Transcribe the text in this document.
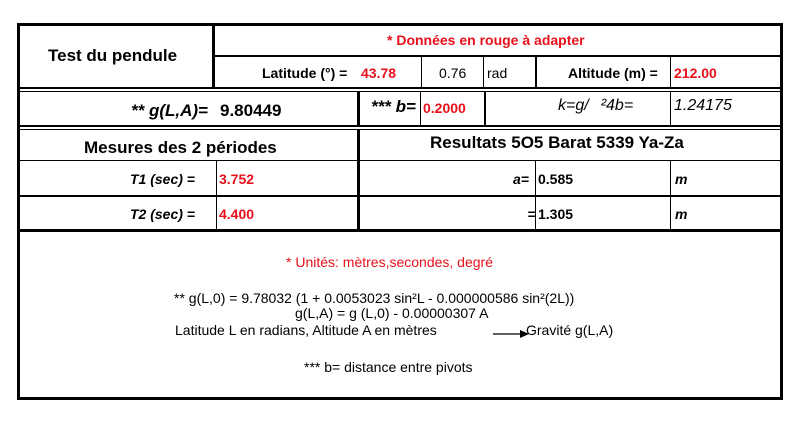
Test du pendule
* Données en rouge à adapter
Latitude (°) = 43.78	0.76 rad	Altitude (m) = 212.00
** g(L,A)= 9.80449	*** b= 0.2000	k=g/ ²4b=	1.24175
Mesures des 2 périodes	Resultats 5O5 Barat 5339 Ya-Za
T1 (sec) = 3.752	a= 0.585	m
T2 (sec) = 4.400	  = 1.305	m
* Unités: mètres,secondes, degré
** g(L,0) = 9.78032 (1 + 0.0053023 sin²L - 0.000000586 sin²(2L))
g(L,A) = g (L,0) - 0.00000307 A
Latitude L en radians, Altitude A en mètres	Gravité g(L,A)
*** b= distance entre pivots
